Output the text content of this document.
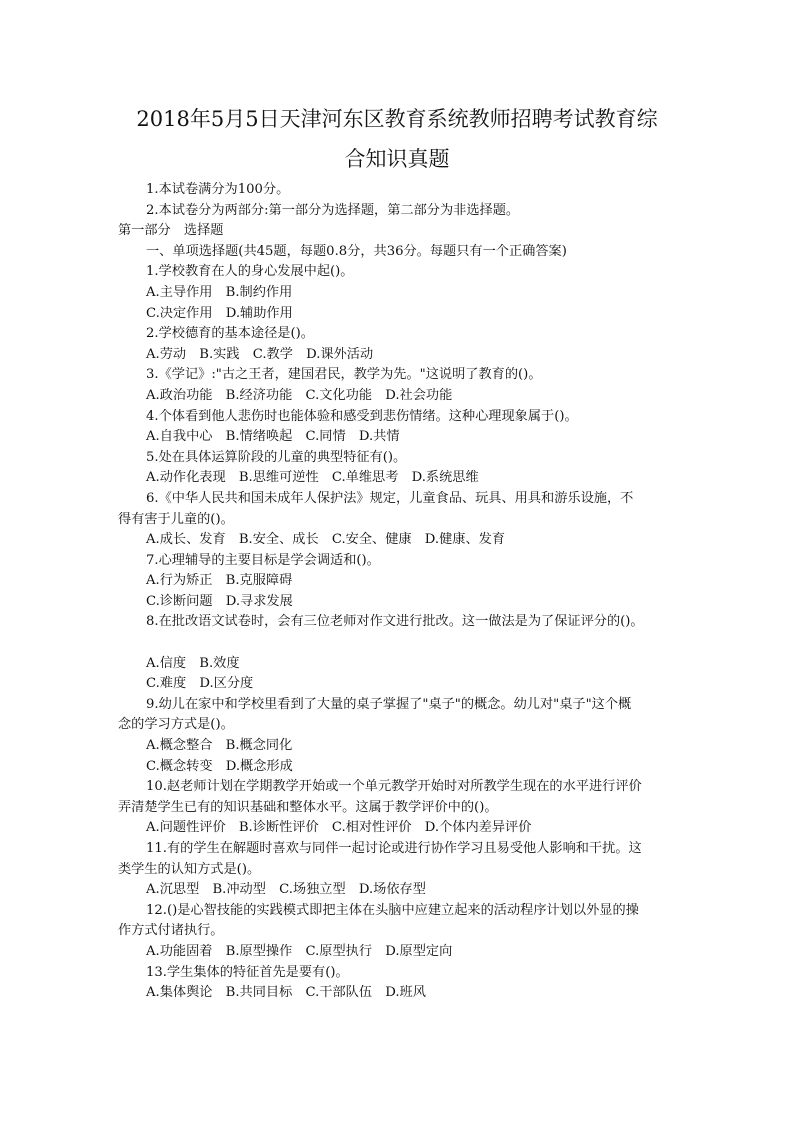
2018年5月5日天津河东区教育系统教师招聘考试教育综
合知识真题

1.本试卷满分为100分。

2.本试卷分为两部分:第一部分为选择题，第二部分为非选择题。

第一部分　选择题

一、单项选择题(共45题，每题0.8分，共36分。每题只有一个正确答案)

1.学校教育在人的身心发展中起()。

A.主导作用　B.制约作用

C.决定作用　D.辅助作用

2.学校德育的基本途径是()。

A.劳动　B.实践　C.教学　D.课外活动

3.《学记》:"古之王者，建国君民，教学为先。"这说明了教育的()。

A.政治功能　B.经济功能　C.文化功能　D.社会功能

4.个体看到他人悲伤时也能体验和感受到悲伤情绪。这种心理现象属于()。

A.自我中心　B.情绪唤起　C.同情　D.共情

5.处在具体运算阶段的儿童的典型特征有()。

A.动作化表现　B.思维可逆性　C.单维思考　D.系统思维

6.《中华人民共和国未成年人保护法》规定，儿童食品、玩具、用具和游乐设施，不

得有害于儿童的()。

A.成长、发育　B.安全、成长　C.安全、健康　D.健康、发育

7.心理辅导的主要目标是学会调适和()。

A.行为矫正　B.克服障碍

C.诊断问题　D.寻求发展

8.在批改语文试卷时，会有三位老师对作文进行批改。这一做法是为了保证评分的()。

A.信度　B.效度

C.难度　D.区分度

9.幼儿在家中和学校里看到了大量的桌子掌握了"桌子"的概念。幼儿对"桌子"这个概

念的学习方式是()。

A.概念整合　B.概念同化

C.概念转变　D.概念形成

10.赵老师计划在学期教学开始或一个单元教学开始时对所教学生现在的水平进行评价

弄清楚学生已有的知识基础和整体水平。这属于教学评价中的()。

A.问题性评价　B.诊断性评价　C.相对性评价　D.个体内差异评价

11.有的学生在解题时喜欢与同伴一起讨论或进行协作学习且易受他人影响和干扰。这

类学生的认知方式是()。

A.沉思型　B.冲动型　C.场独立型　D.场依存型

12.()是心智技能的实践模式即把主体在头脑中应建立起来的活动程序计划以外显的操

作方式付诸执行。

A.功能固着　B.原型操作　C.原型执行　D.原型定向

13.学生集体的特征首先是要有()。

A.集体舆论　B.共同目标　C.干部队伍　D.班风
